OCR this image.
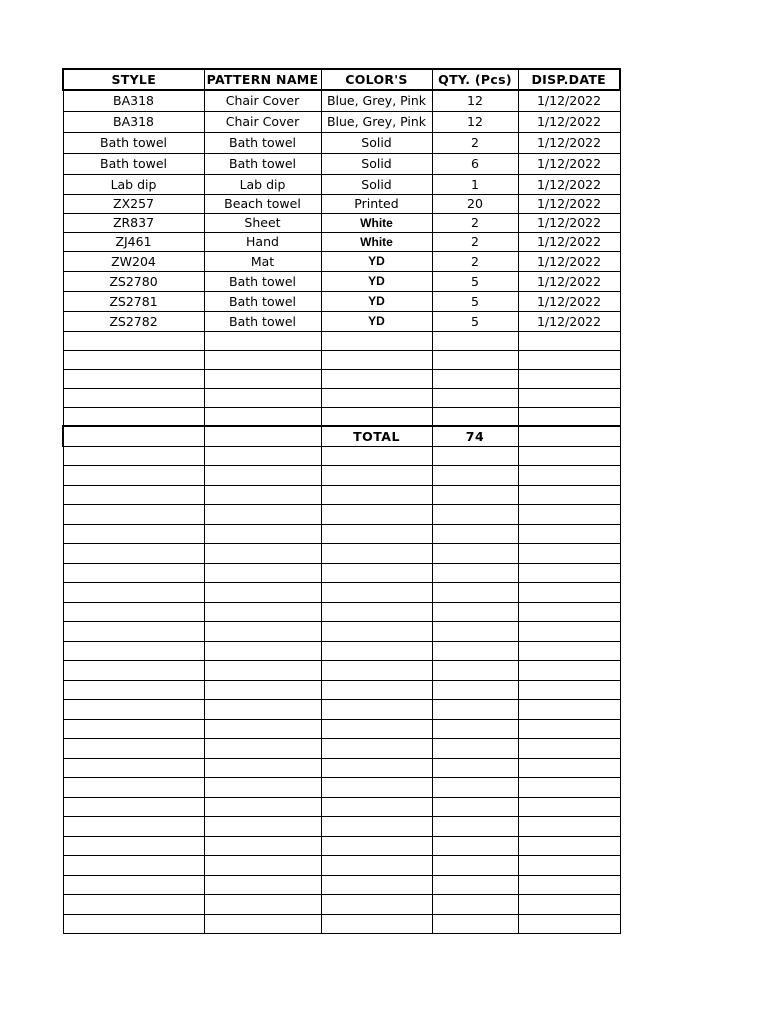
STYLE	PATTERN NAME	COLOR'S	QTY. (Pcs)	DISP.DATE
BA318	Chair Cover	Blue, Grey, Pink	12	1/12/2022
BA318	Chair Cover	Blue, Grey, Pink	12	1/12/2022
Bath towel	Bath towel	Solid	2	1/12/2022
Bath towel	Bath towel	Solid	6	1/12/2022
Lab dip	Lab dip	Solid	1	1/12/2022
ZX257	Beach towel	Printed	20	1/12/2022
ZR837	Sheet	White	2	1/12/2022
ZJ461	Hand	White	2	1/12/2022
ZW204	Mat	YD	2	1/12/2022
ZS2780	Bath towel	YD	5	1/12/2022
ZS2781	Bath towel	YD	5	1/12/2022
ZS2782	Bath towel	YD	5	1/12/2022

		TOTAL	74	
